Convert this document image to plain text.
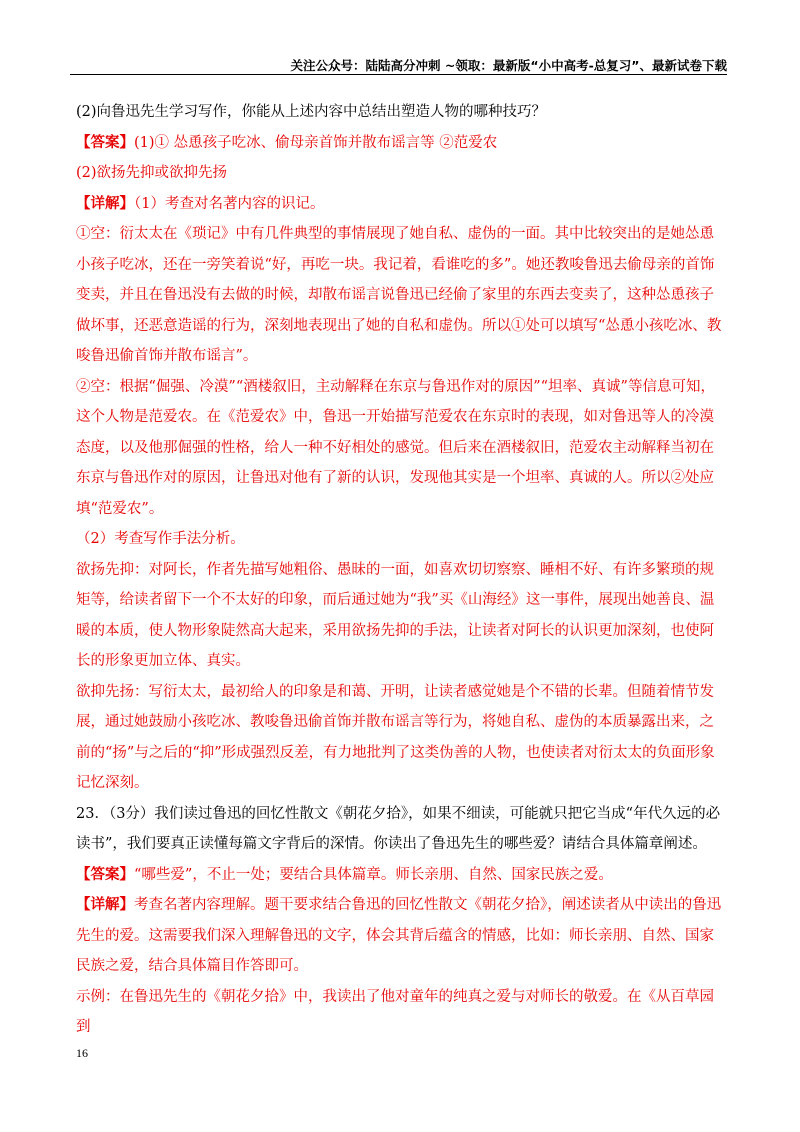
关注公众号：陆陆高分冲刺 ~领取：最新版“小中高考-总复习”、最新试卷下载

(2)向鲁迅先生学习写作，你能从上述内容中总结出塑造人物的哪种技巧？

【答案】(1)① 怂恿孩子吃冰、偷母亲首饰并散布谣言等 ②范爱农

(2)欲扬先抑或欲抑先扬

【详解】（1）考查对名著内容的识记。

①空：衍太太在《琐记》中有几件典型的事情展现了她自私、虚伪的一面。其中比较突出的是她怂恿小孩子吃冰，还在一旁笑着说“好，再吃一块。我记着，看谁吃的多”。她还教唆鲁迅去偷母亲的首饰变卖，并且在鲁迅没有去做的时候，却散布谣言说鲁迅已经偷了家里的东西去变卖了，这种怂恿孩子做坏事，还恶意造谣的行为，深刻地表现出了她的自私和虚伪。所以①处可以填写“怂恿小孩吃冰、教唆鲁迅偷首饰并散布谣言”。

②空：根据“倔强、冷漠”“酒楼叙旧，主动解释在东京与鲁迅作对的原因”“坦率、真诚”等信息可知，这个人物是范爱农。在《范爱农》中，鲁迅一开始描写范爱农在东京时的表现，如对鲁迅等人的冷漠态度，以及他那倔强的性格，给人一种不好相处的感觉。但后来在酒楼叙旧，范爱农主动解释当初在东京与鲁迅作对的原因，让鲁迅对他有了新的认识，发现他其实是一个坦率、真诚的人。所以②处应填“范爱农”。

（2）考查写作手法分析。

欲扬先抑：对阿长，作者先描写她粗俗、愚昧的一面，如喜欢切切察察、睡相不好、有许多繁琐的规矩等，给读者留下一个不太好的印象，而后通过她为“我”买《山海经》这一事件，展现出她善良、温暖的本质，使人物形象陡然高大起来，采用欲扬先抑的手法，让读者对阿长的认识更加深刻，也使阿长的形象更加立体、真实。

欲抑先扬：写衍太太，最初给人的印象是和蔼、开明，让读者感觉她是个不错的长辈。但随着情节发展，通过她鼓励小孩吃冰、教唆鲁迅偷首饰并散布谣言等行为，将她自私、虚伪的本质暴露出来，之前的“扬”与之后的“抑”形成强烈反差，有力地批判了这类伪善的人物，也使读者对衍太太的负面形象记忆深刻。

23．（3分）我们读过鲁迅的回忆性散文《朝花夕拾》，如果不细读，可能就只把它当成“年代久远的必读书”，我们要真正读懂每篇文字背后的深情。你读出了鲁迅先生的哪些爱？请结合具体篇章阐述。

【答案】“哪些爱”，不止一处；要结合具体篇章。师长亲朋、自然、国家民族之爱。

【详解】考查名著内容理解。题干要求结合鲁迅的回忆性散文《朝花夕拾》，阐述读者从中读出的鲁迅先生的爱。这需要我们深入理解鲁迅的文字，体会其背后蕴含的情感，比如：师长亲朋、自然、国家民族之爱，结合具体篇目作答即可。

示例：在鲁迅先生的《朝花夕拾》中，我读出了他对童年的纯真之爱与对师长的敬爱。在《从百草园到

16
